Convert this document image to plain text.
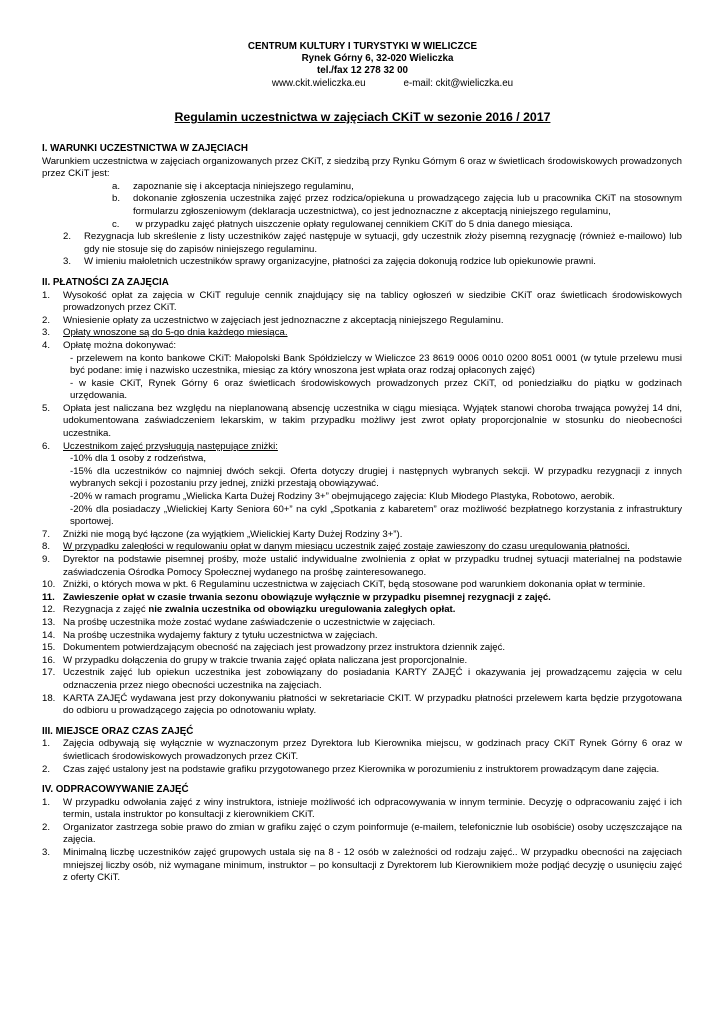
CENTRUM KULTURY I TURYSTYKI W WIELICZCE
Rynek Górny 6, 32-020 Wieliczka
tel./fax 12 278 32 00
www.ckit.wieliczka.eu	e-mail: ckit@wieliczka.eu
Regulamin uczestnictwa w zajęciach CKiT w sezonie 2016 / 2017
I. WARUNKI UCZESTNICTWA W ZAJĘCIACH

Warunkiem uczestnictwa w zajęciach organizowanych przez CKiT, z siedzibą przy Rynku Górnym 6 oraz w świetlicach środowiskowych prowadzonych przez CKiT jest:

a. zapoznanie się i akceptacja niniejszego regulaminu,
b. dokonanie zgłoszenia uczestnika zajęć przez rodzica/opiekuna u prowadzącego zajęcia lub u pracownika CKiT na stosownym formularzu zgłoszeniowym (deklaracja uczestnictwa), co jest jednoznaczne z akceptacją niniejszego regulaminu,
c. w przypadku zajęć płatnych uiszczenie opłaty regulowanej cennikiem CKiT do 5 dnia danego miesiąca.
2. Rezygnacja lub skreślenie z listy uczestników zajęć następuje w sytuacji, gdy uczestnik złoży pisemną rezygnację (również e-mailowo) lub gdy nie stosuje się do zapisów niniejszego regulaminu.
3. W imieniu małoletnich uczestników sprawy organizacyjne, płatności za zajęcia dokonują rodzice lub opiekunowie prawni.
II. PŁATNOŚCI ZA ZAJĘCIA
1. Wysokość opłat za zajęcia w CKiT reguluje cennik znajdujący się na tablicy ogłoszeń w siedzibie CKiT oraz świetlicach środowiskowych prowadzonych przez CKiT.
2. Wniesienie opłaty za uczestnictwo w zajęciach jest jednoznaczne z akceptacją niniejszego Regulaminu.
3. Opłaty wnoszone są do 5-go dnia każdego miesiąca.
4. Opłatę można dokonywać:
- przelewem na konto bankowe CKiT: Małopolski Bank Spółdzielczy w Wieliczce 23 8619 0006 0010 0200 8051 0001 (w tytule przelewu musi być podane: imię i nazwisko uczestnika, miesiąc za który wnoszona jest wpłata oraz rodzaj opłaconych zajęć)
- w kasie CKiT, Rynek Górny 6 oraz świetlicach środowiskowych prowadzonych przez CKiT, od poniedziałku do piątku w godzinach urzędowania.
5. Opłata jest naliczana bez względu na nieplanowaną absencję uczestnika w ciągu miesiąca. Wyjątek stanowi choroba trwająca powyżej 14 dni, udokumentowana zaświadczeniem lekarskim, w takim przypadku możliwy jest zwrot opłaty proporcjonalnie w stosunku do nieobecności uczestnika.
6. Uczestnikom zajęć przysługują następujące zniżki:
-10% dla 1 osoby z rodzeństwa,
-15% dla uczestników co najmniej dwóch sekcji. Oferta dotyczy drugiej i następnych wybranych sekcji. W przypadku rezygnacji z innych wybranych sekcji i pozostaniu przy jednej, zniżki przestają obowiązywać.
-20% w ramach programu „Wielicka Karta Dużej Rodziny 3+” obejmującego zajęcia: Klub Młodego Plastyka, Robotowo, aerobik.
-20% dla posiadaczy „Wielickiej Karty Seniora 60+” na cykl „Spotkania z kabaretem” oraz możliwość bezpłatnego korzystania z infrastruktury sportowej.
7. Zniżki nie mogą być łączone (za wyjątkiem „Wielickiej Karty Dużej Rodziny 3+”).
8. W przypadku zaległości w regulowaniu opłat w danym miesiącu uczestnik zajęć zostaje zawieszony do czasu uregulowania płatności.
9. Dyrektor na podstawie pisemnej prośby, może ustalić indywidualne zwolnienia z opłat w przypadku trudnej sytuacji materialnej na podstawie zaświadczenia Ośrodka Pomocy Społecznej wydanego na prośbę zainteresowanego.
10. Zniżki, o których mowa w pkt. 6 Regulaminu uczestnictwa w zajęciach CKiT, będą stosowane pod warunkiem dokonania opłat w terminie.
11. Zawieszenie opłat w czasie trwania sezonu obowiązuje wyłącznie w przypadku pisemnej rezygnacji z zajęć.
12. Rezygnacja z zajęć nie zwalnia uczestnika od obowiązku uregulowania zaległych opłat.
13. Na prośbę uczestnika może zostać wydane zaświadczenie o uczestnictwie w zajęciach.
14. Na prośbę uczestnika wydajemy faktury z tytułu uczestnictwa w zajęciach.
15. Dokumentem potwierdzającym obecność na zajęciach jest prowadzony przez instruktora dziennik zajęć.
16. W przypadku dołączenia do grupy w trakcie trwania zajęć opłata naliczana jest proporcjonalnie.
17. Uczestnik zajęć lub opiekun uczestnika jest zobowiązany do posiadania KARTY ZAJĘĆ i okazywania jej prowadzącemu zajęcia w celu odznaczenia przez niego obecności uczestnika na zajęciach.
18. KARTA ZAJĘĆ wydawana jest przy dokonywaniu płatności w sekretariacie CKIT. W przypadku płatności przelewem karta będzie przygotowana do odbioru u prowadzącego zajęcia po odnotowaniu wpłaty.
III. MIEJSCE ORAZ CZAS ZAJĘĆ
1. Zajęcia odbywają się wyłącznie w wyznaczonym przez Dyrektora lub Kierownika miejscu, w godzinach pracy CKiT Rynek Górny 6 oraz w świetlicach środowiskowych prowadzonych przez CKiT.
2. Czas zajęć ustalony jest na podstawie grafiku przygotowanego przez Kierownika w porozumieniu z instruktorem prowadzącym dane zajęcia.
IV. ODPRACOWYWANIE ZAJĘĆ
1. W przypadku odwołania zajęć z winy instruktora, istnieje możliwość ich odpracowywania w innym terminie. Decyzję o odpracowaniu zajęć i ich termin, ustala instruktor po konsultacji z kierownikiem CKiT.
2. Organizator zastrzega sobie prawo do zmian w grafiku zajęć o czym poinformuje (e-mailem, telefonicznie lub osobiście) osoby uczęszczające na zajęcia.
3. Minimalną liczbę uczestników zajęć grupowych ustala się na 8 - 12 osób w zależności od rodzaju zajęć.. W przypadku obecności na zajęciach mniejszej liczby osób, niż wymagane minimum, instruktor – po konsultacji z Dyrektorem lub Kierownikiem może podjąć decyzję o usunięciu zajęć z oferty CKiT.
